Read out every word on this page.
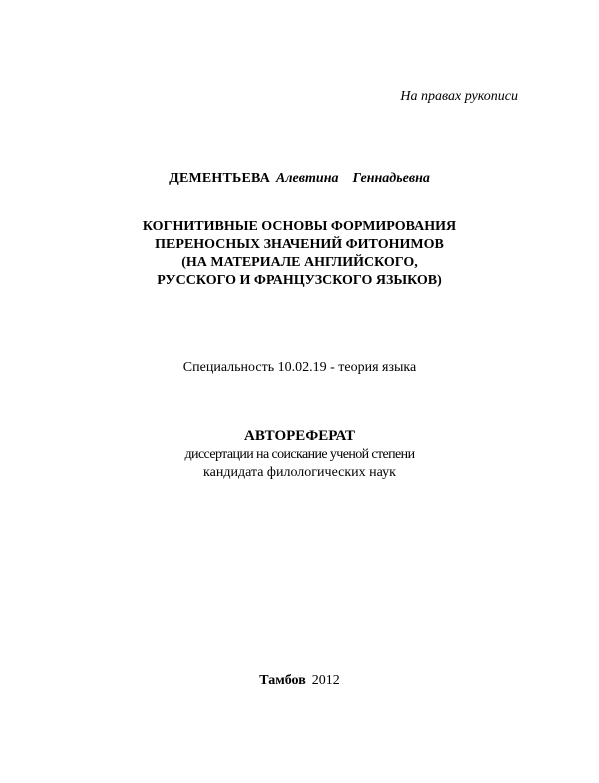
На правах рукописи
ДЕМЕНТЬЕВА Алевтина Геннадьевна
КОГНИТИВНЫЕ ОСНОВЫ ФОРМИРОВАНИЯ
ПЕРЕНОСНЫХ ЗНАЧЕНИЙ ФИТОНИМОВ
(НА МАТЕРИАЛЕ АНГЛИЙСКОГО,
РУССКОГО И ФРАНЦУЗСКОГО ЯЗЫКОВ)
Специальность 10.02.19 - теория языка
АВТОРЕФЕРАТ
диссертации на соискание ученой степени
кандидата филологических наук
Тамбов 2012
